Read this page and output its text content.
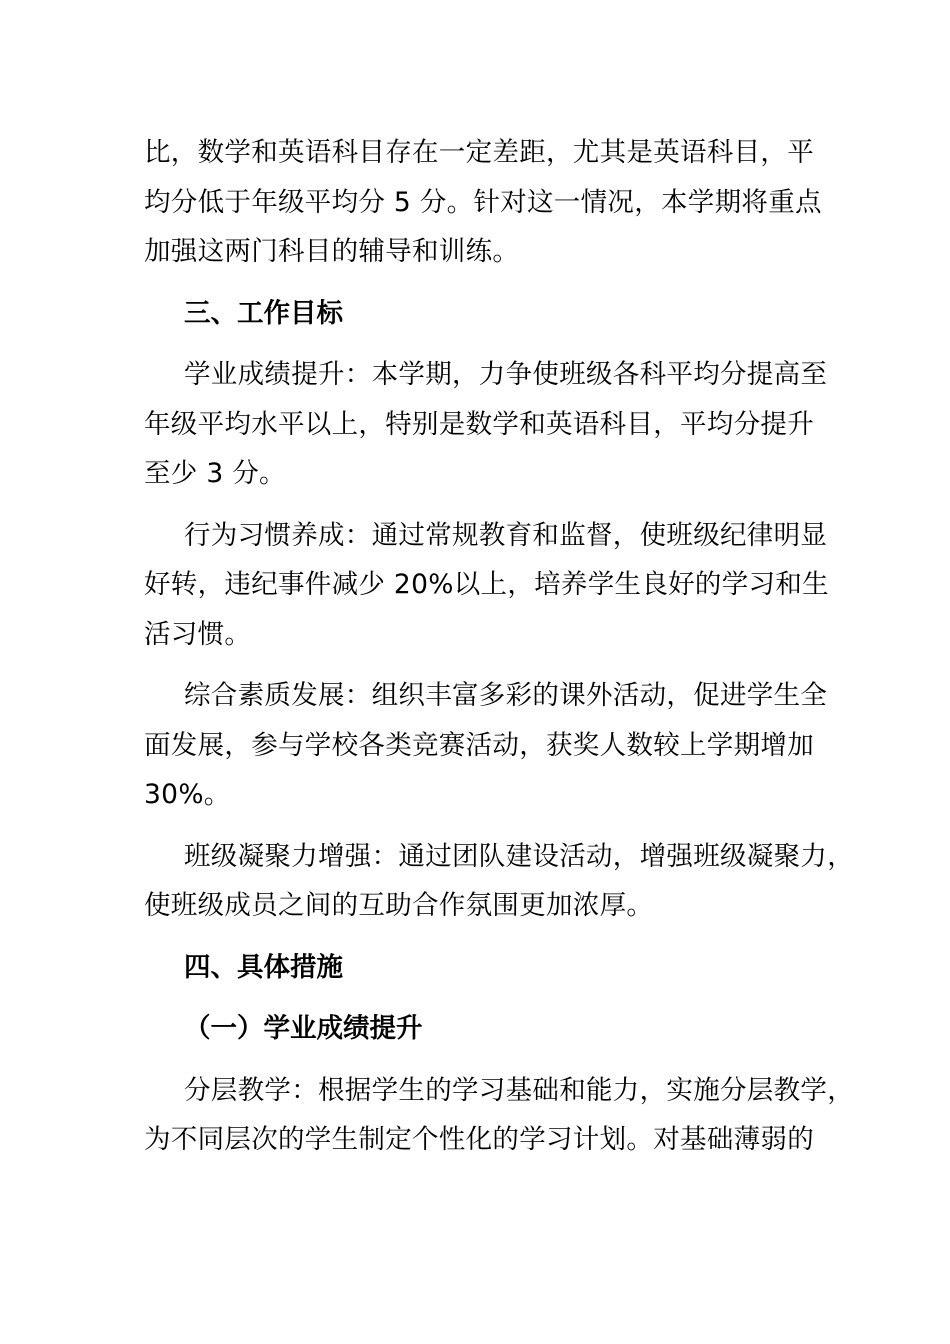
比，数学和英语科目存在一定差距，尤其是英语科目，平
均分低于年级平均分 5 分。针对这一情况，本学期将重点
加强这两门科目的辅导和训练。
三、工作目标
学业成绩提升：本学期，力争使班级各科平均分提高至
年级平均水平以上，特别是数学和英语科目，平均分提升
至少 3 分。
行为习惯养成：通过常规教育和监督，使班级纪律明显
好转，违纪事件减少 20%以上，培养学生良好的学习和生
活习惯。
综合素质发展：组织丰富多彩的课外活动，促进学生全
面发展，参与学校各类竞赛活动，获奖人数较上学期增加
30%。
班级凝聚力增强：通过团队建设活动，增强班级凝聚力，
使班级成员之间的互助合作氛围更加浓厚。
四、具体措施
（一）学业成绩提升
分层教学：根据学生的学习基础和能力，实施分层教学，
为不同层次的学生制定个性化的学习计划。对基础薄弱的
